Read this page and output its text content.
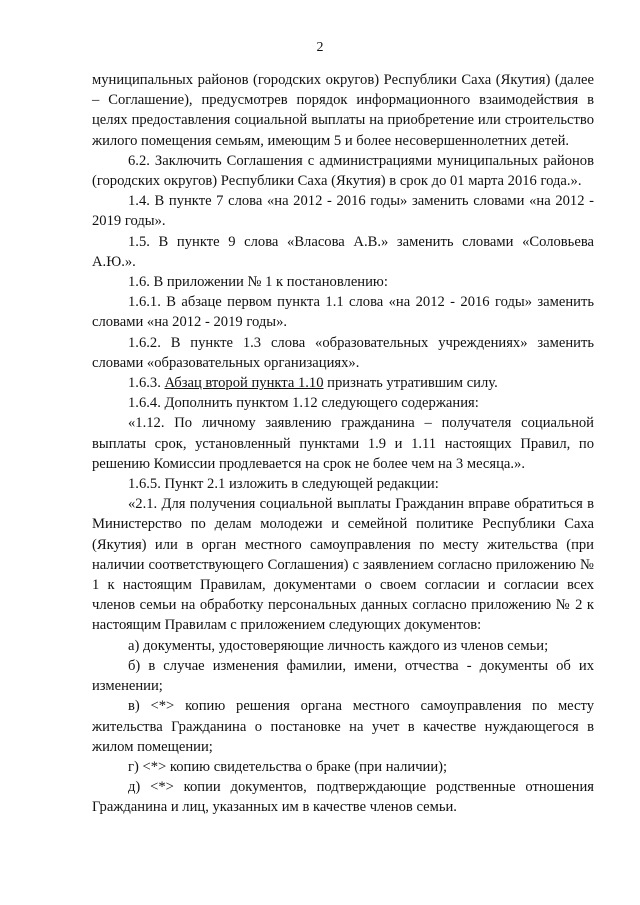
2

муниципальных районов (городских округов) Республики Саха (Якутия) (далее – Соглашение), предусмотрев порядок информационного взаимодействия в целях предоставления социальной выплаты на приобретение или строительство жилого помещения семьям, имеющим 5 и более несовершеннолетних детей.

6.2. Заключить Соглашения с администрациями муниципальных районов (городских округов) Республики Саха (Якутия) в срок до 01 марта 2016 года.».

1.4. В пункте 7 слова «на 2012 - 2016 годы» заменить словами «на 2012 - 2019 годы».

1.5. В пункте 9 слова «Власова А.В.» заменить словами «Соловьева А.Ю.».

1.6. В приложении № 1 к постановлению:

1.6.1. В абзаце первом пункта 1.1 слова «на 2012 - 2016 годы» заменить словами «на 2012 - 2019 годы».

1.6.2. В пункте 1.3 слова «образовательных учреждениях» заменить словами «образовательных организациях».

1.6.3. Абзац второй пункта 1.10 признать утратившим силу.

1.6.4. Дополнить пунктом 1.12 следующего содержания:

«1.12. По личному заявлению гражданина – получателя социальной выплаты срок, установленный пунктами 1.9 и 1.11 настоящих Правил, по решению Комиссии продлевается на срок не более чем на 3 месяца.».

1.6.5. Пункт 2.1 изложить в следующей редакции:

«2.1. Для получения социальной выплаты Гражданин вправе обратиться в Министерство по делам молодежи и семейной политике Республики Саха (Якутия) или в орган местного самоуправления по месту жительства (при наличии соответствующего Соглашения) с заявлением согласно приложению № 1 к настоящим Правилам, документами о своем согласии и согласии всех членов семьи на обработку персональных данных согласно приложению № 2 к настоящим Правилам с приложением следующих документов:

а) документы, удостоверяющие личность каждого из членов семьи;

б) в случае изменения фамилии, имени, отчества - документы об их изменении;

в) <*> копию решения органа местного самоуправления по месту жительства Гражданина о постановке на учет в качестве нуждающегося в жилом помещении;

г) <*> копию свидетельства о браке (при наличии);

д) <*> копии документов, подтверждающие родственные отношения Гражданина и лиц, указанных им в качестве членов семьи.
